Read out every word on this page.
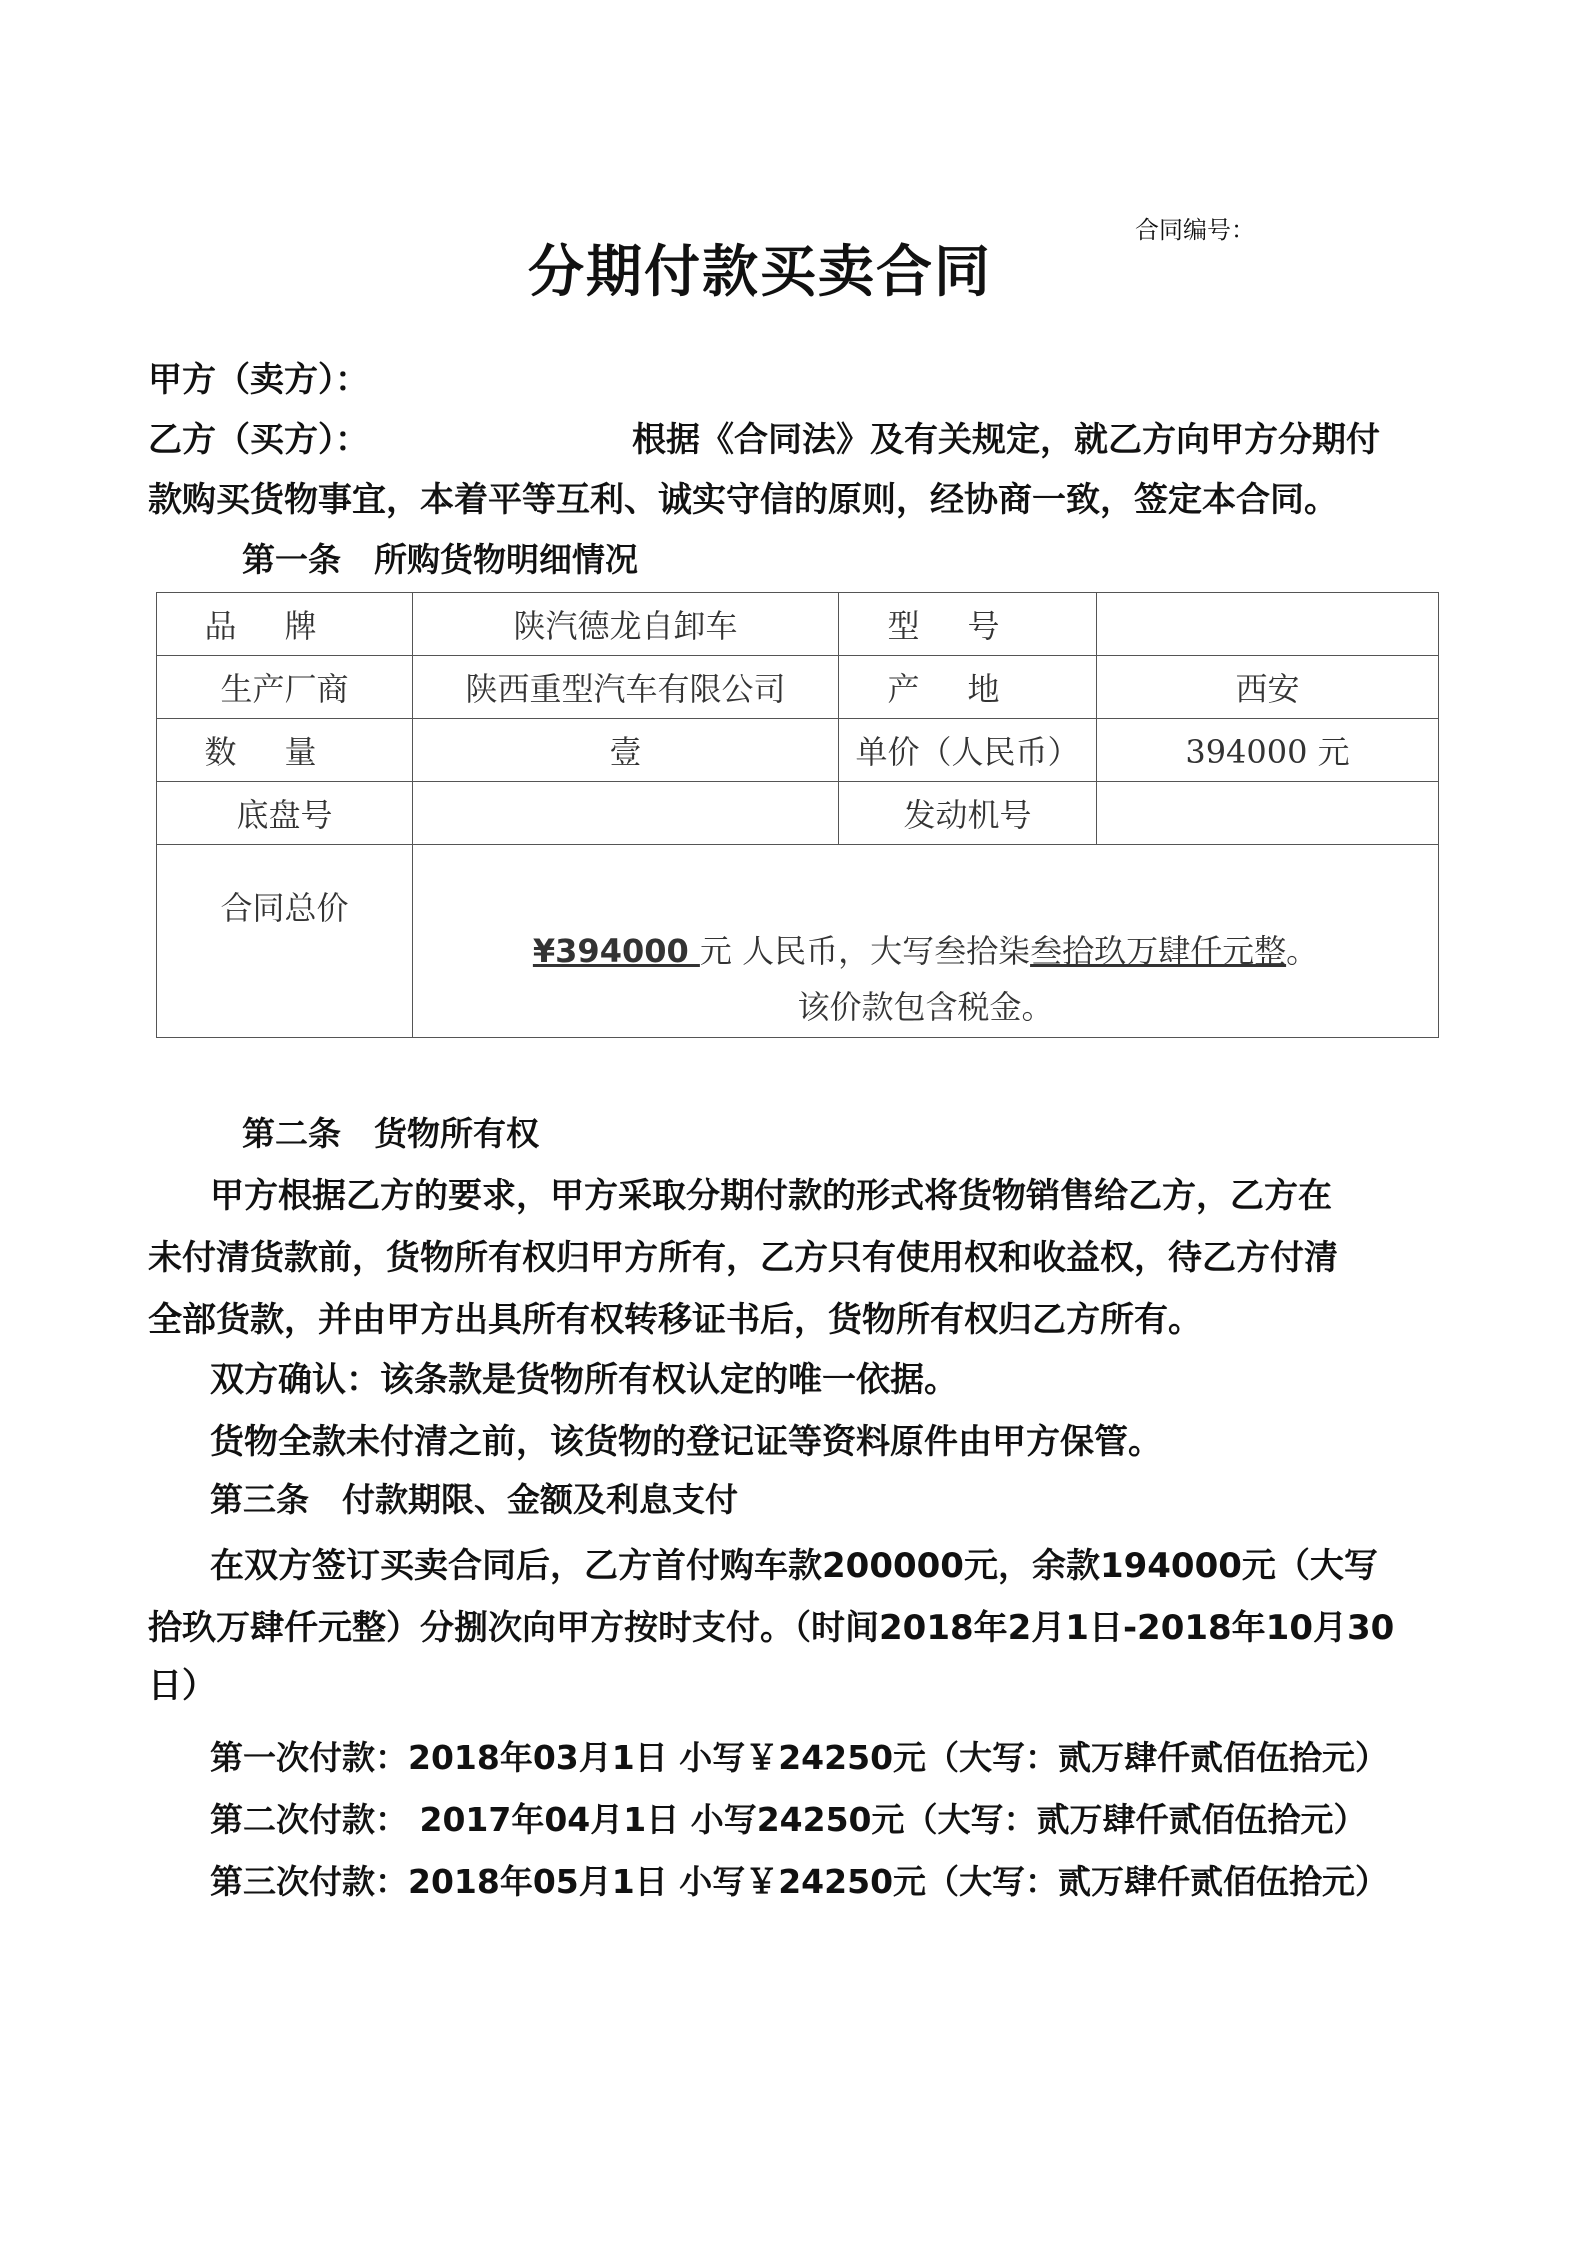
合同编号：
分期付款买卖合同
甲方（卖方）：
乙方（买方）：	根据《合同法》及有关规定，就乙方向甲方分期付
款购买货物事宜，本着平等互利、诚实守信的原则，经协商一致，签定本合同。
第一条　所购货物明细情况
品牌	陕汽德龙自卸车	型号	
生产厂商	陕西重型汽车有限公司	产地	西安
数量	壹	单价（人民币）	394000 元
底盘号		发动机号	

合同总价	¥394000 元 人民币，大写叁拾柒叁拾玖万肆仟元整。
该价款包含税金。		
第二条　货物所有权
甲方根据乙方的要求，甲方采取分期付款的形式将货物销售给乙方，乙方在
未付清货款前，货物所有权归甲方所有，乙方只有使用权和收益权，待乙方付清
全部货款，并由甲方出具所有权转移证书后，货物所有权归乙方所有。
双方确认：该条款是货物所有权认定的唯一依据。
货物全款未付清之前，该货物的登记证等资料原件由甲方保管。
第三条　付款期限、金额及利息支付
在双方签订买卖合同后，乙方首付购车款200000元，余款194000元（大写
拾玖万肆仟元整）分捌次向甲方按时支付。（时间2018年2月1日-2018年10月30
日）
第一次付款：2018年03月1日 小写￥24250元（大写：贰万肆仟贰佰伍拾元）
第二次付款： 2017年04月1日 小写24250元（大写：贰万肆仟贰佰伍拾元）
第三次付款：2018年05月1日 小写￥24250元（大写：贰万肆仟贰佰伍拾元）
